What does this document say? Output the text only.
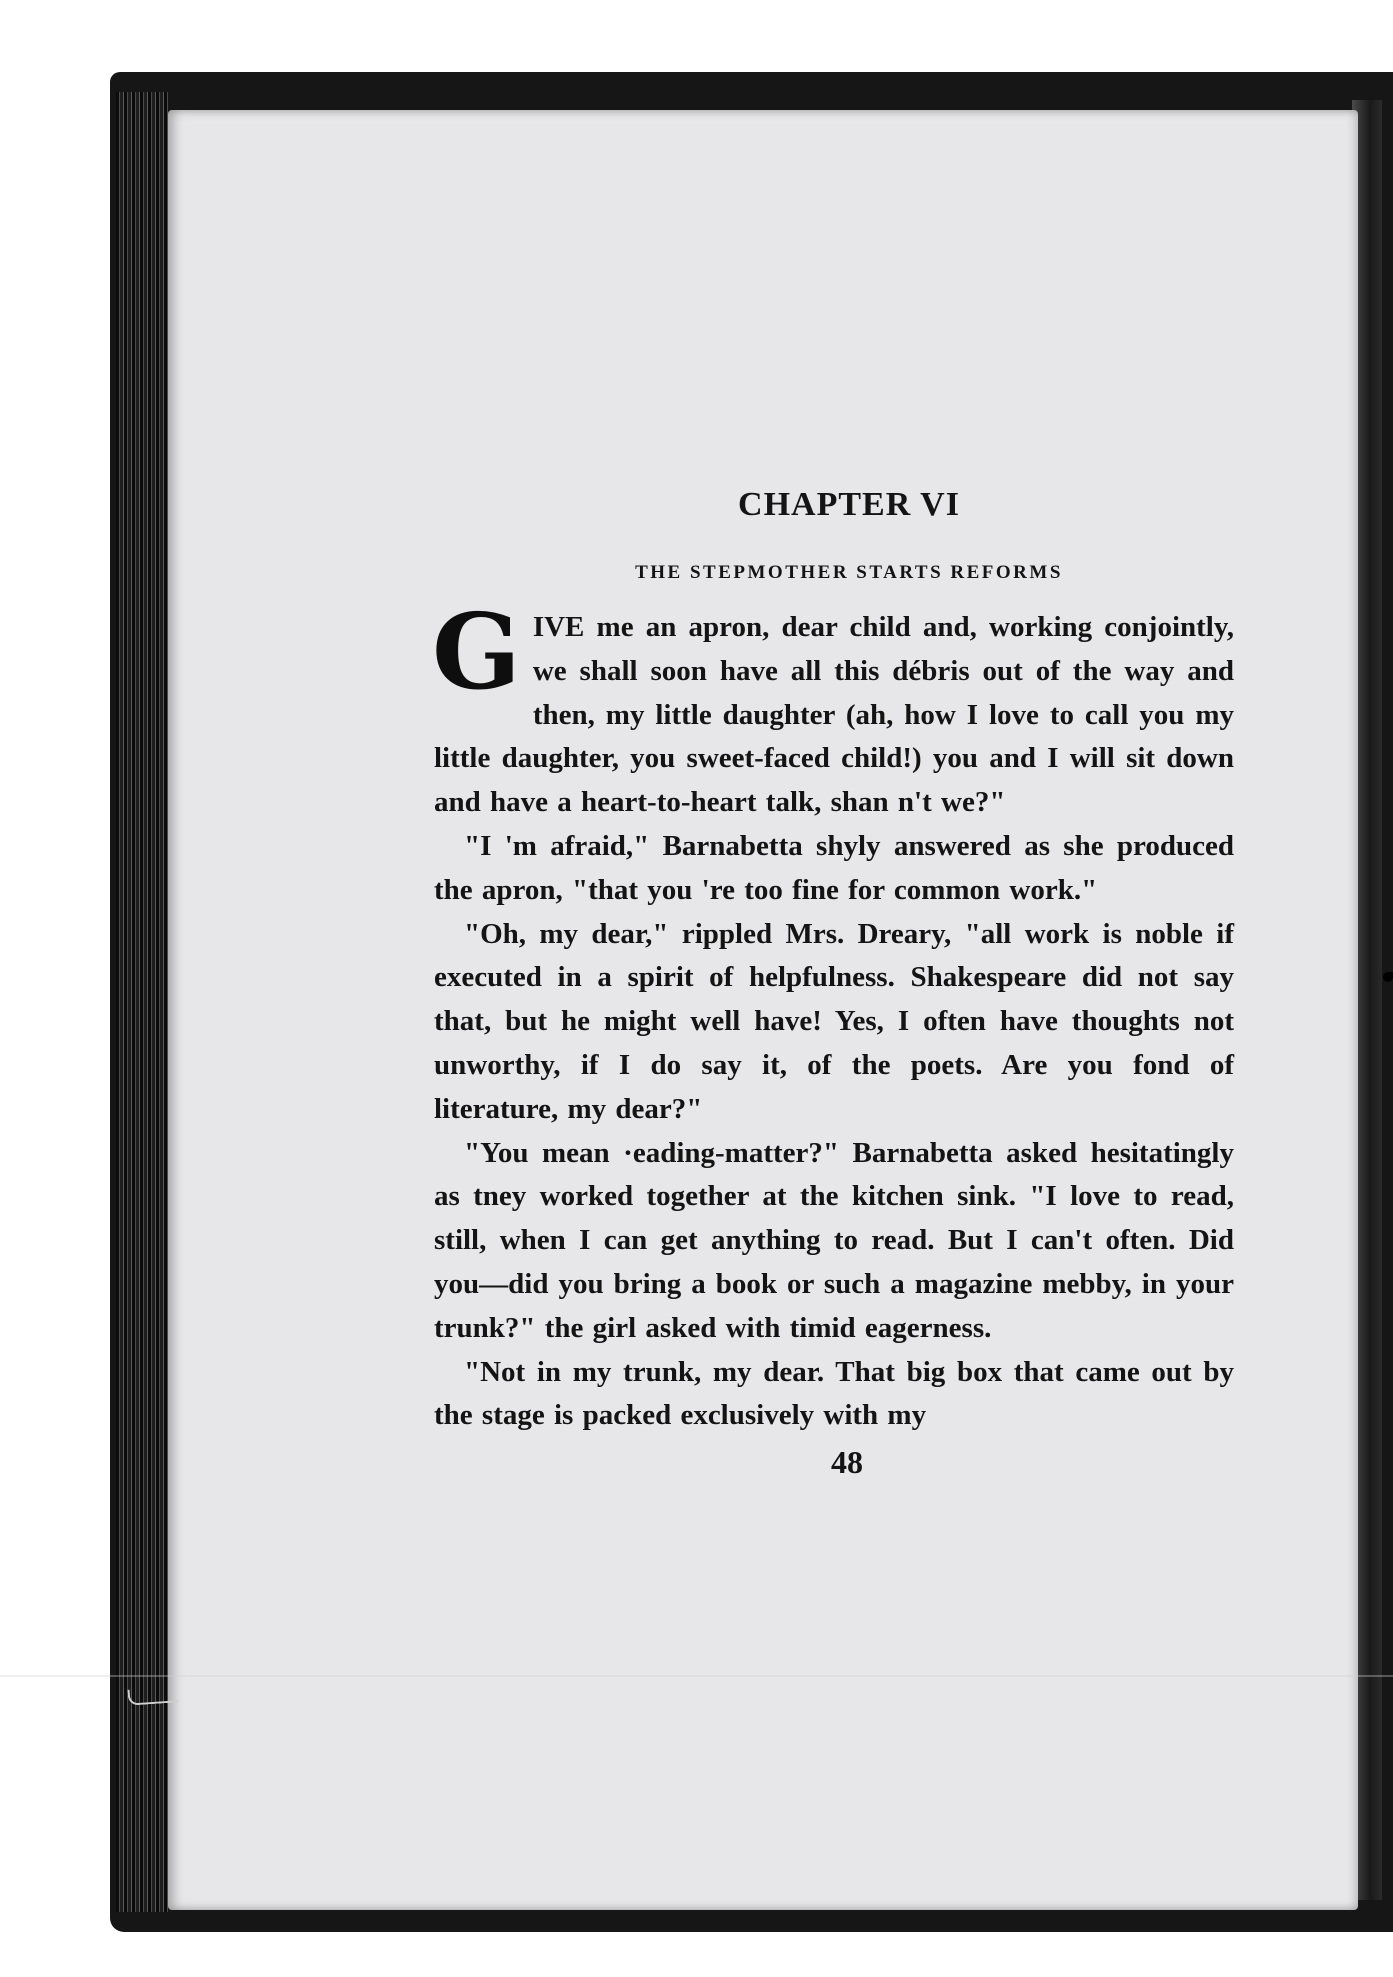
CHAPTER VI
THE STEPMOTHER STARTS REFORMS

GIVE me an apron, dear child and, working conjointly, we shall soon have all this débris out of the way and then, my little daughter (ah, how I love to call you my little daughter, you sweet-faced child!) you and I will sit down and have a heart-to-heart talk, shan n't we?"

"I 'm afraid," Barnabetta shyly answered as she produced the apron, "that you 're too fine for common work."

"Oh, my dear," rippled Mrs. Dreary, "all work is noble if executed in a spirit of helpfulness. Shakespeare did not say that, but he might well have! Yes, I often have thoughts not unworthy, if I do say it, of the poets. Are you fond of literature, my dear?"

"You mean ·eading-matter?" Barnabetta asked hesitatingly as tney worked together at the kitchen sink. "I love to read, still, when I can get anything to read. But I can't often. Did you—did you bring a book or such a magazine mebby, in your trunk?" the girl asked with timid eagerness.

"Not in my trunk, my dear. That big box that came out by the stage is packed exclusively with my

48
